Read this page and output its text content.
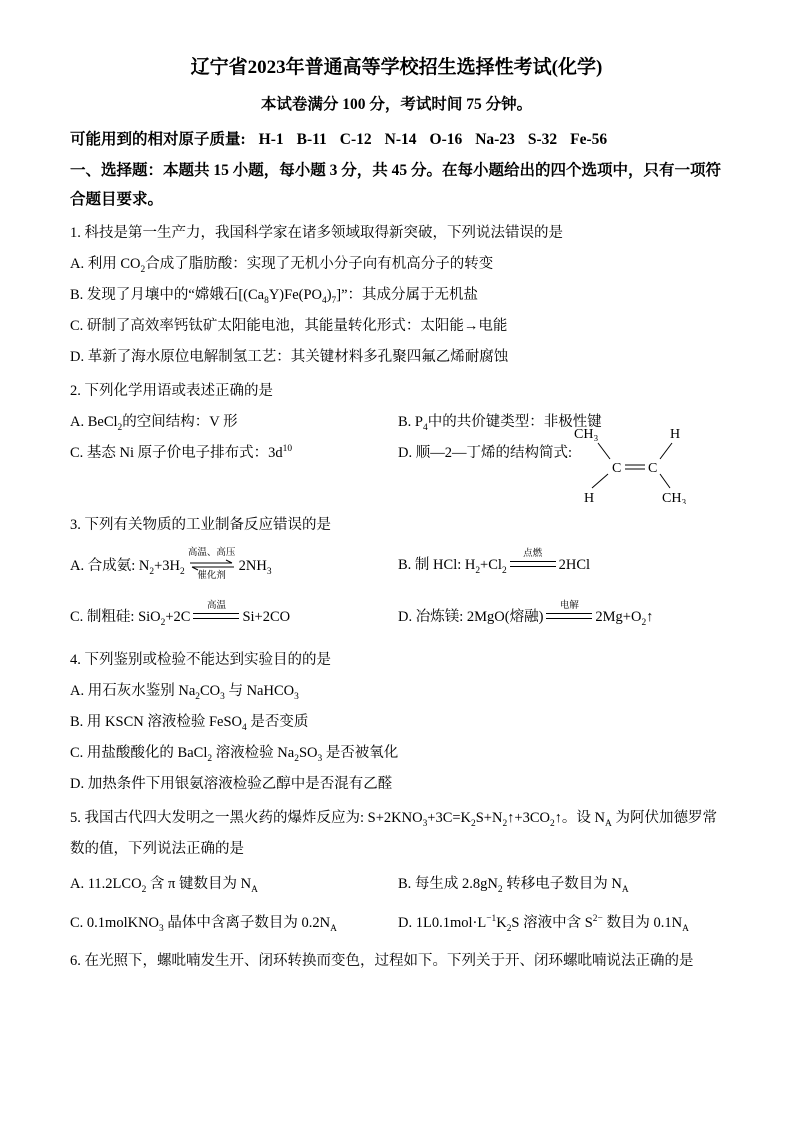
辽宁省2023年普通高等学校招生选择性考试(化学)
本试卷满分 100 分，考试时间 75 分钟。
可能用到的相对原子质量: H-1 B-11 C-12 N-14 O-16 Na-23 S-32 Fe-56
一、选择题：本题共 15 小题，每小题 3 分，共 45 分。在每小题给出的四个选项中，只有一项符合题目要求。
1. 科技是第一生产力，我国科学家在诸多领域取得新突破，下列说法错误的是
A. 利用 $CO_2$合成了脂肪酸：实现了无机小分子向有机高分子的转变
B. 发现了月壤中的“嫦娥石$[(Ca_8Y)Fe(PO_4)_7]$”：其成分属于无机盐
C. 研制了高效率钙钛矿太阳能电池，其能量转化形式：太阳能→电能
D. 革新了海水原位电解制氢工艺：其关键材料多孔聚四氟乙烯耐腐蚀
2. 下列化学用语或表述正确的是
A. BeCl$_2$的空间结构：V 形	B. $P_4$中的共价键类型：非极性键
C. 基态 Ni 原子价电子排布式：$3d^{10}$	D. 顺—2—丁烯的结构简式:
CH₃	H
C C
H	CH₃
3. 下列有关物质的工业制备反应错误的是
A. 合成氨: $N_2+3H_2$
高温、高压
催化剂
$2NH_3$	B. 制 HCl: $H_2+Cl_2$
点燃
2HCl
C. 制粗硅: SiO$_2$+2C
高温
Si+2CO	D. 冶炼镁: 2MgO(熔融)
电解
$2Mg+O_2↑$
4. 下列鉴别或检验不能达到实验目的的是
A. 用石灰水鉴别 $Na_2CO_3$ 与 NaHCO$_3$
B. 用 KSCN 溶液检验 FeSO$_4$ 是否变质
C. 用盐酸酸化的 BaCl$_2$ 溶液检验 $Na_2SO_3$ 是否被氧化
D. 加热条件下用银氨溶液检验乙醇中是否混有乙醛
5. 我国古代四大发明之一黑火药的爆炸反应为: $S+2KNO_3+3C=K_2S+N_2↑+3CO_2↑$。设 $N_A$ 为阿伏加德罗常数的值，下列说法正确的是
A. $11.2LCO_2$ 含 π 键数目为 $N_A$	B. 每生成 $2.8gN_2$ 转移电子数目为 $N_A$
C. 0.1molKNO$_3$ 晶体中含离子数目为 $0.2N_A$	D. $1L0.1mol\cdot L^{-1}K_2S$ 溶液中含 $S^{2-}$ 数目为 $0.1N_A$
6. 在光照下，螺吡喃发生开、闭环转换而变色，过程如下。下列关于开、闭环螺吡喃说法正确的是
